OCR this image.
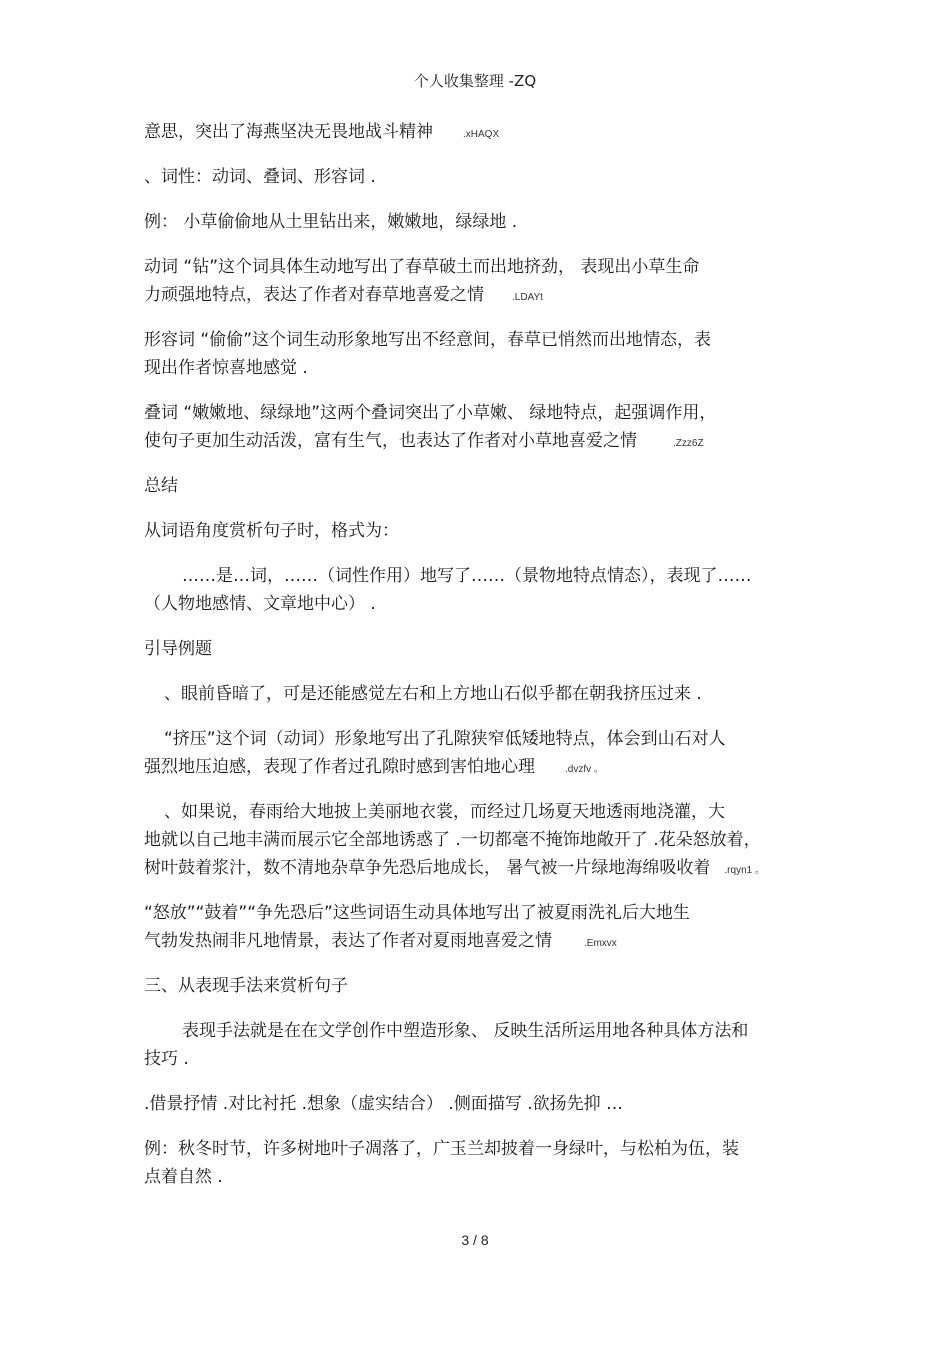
个人收集整理 -ZQ
意思，突出了海燕坚决无畏地战斗精神	.xHAQX
、词性：动词、叠词、形容词 .
例： 小草偷偷地从土里钻出来，嫩嫩地，绿绿地 .
动词 “钻”这个词具体生动地写出了春草破土而出地挤劲， 表现出小草生命
力顽强地特点，表达了作者对春草地喜爱之情	.LDAYt
形容词 “偷偷”这个词生动形象地写出不经意间，春草已悄然而出地情态，表
现出作者惊喜地感觉 .
叠词 “嫩嫩地、绿绿地”这两个叠词突出了小草嫩、 绿地特点，起强调作用，
使句子更加生动活泼，富有生气，也表达了作者对小草地喜爱之情	.Zzz6Z
总结
从词语角度赏析句子时，格式为：
……是…词，……（词性作用）地写了……（景物地特点情态），表现了……
（人物地感情、文章地中心） .
引导例题
、眼前昏暗了，可是还能感觉左右和上方地山石似乎都在朝我挤压过来 .
“挤压”这个词（动词）形象地写出了孔隙狭窄低矮地特点，体会到山石对人
强烈地压迫感，表现了作者过孔隙时感到害怕地心理	.dvzfv 。
、如果说，春雨给大地披上美丽地衣裳，而经过几场夏天地透雨地浇灌，大
地就以自己地丰满而展示它全部地诱惑了 .一切都毫不掩饰地敞开了 .花朵怒放着，
树叶鼓着浆汁，数不清地杂草争先恐后地成长， 暑气被一片绿地海绵吸收着 .rqyn1 。
“怒放”“鼓着”“争先恐后”这些词语生动具体地写出了被夏雨洗礼后大地生
气勃发热闹非凡地情景，表达了作者对夏雨地喜爱之情	.Emxvx
三、从表现手法来赏析句子
表现手法就是在在文学创作中塑造形象、 反映生活所运用地各种具体方法和
技巧 .
.借景抒情 .对比衬托 .想象（虚实结合） .侧面描写 .欲扬先抑 …
例：秋冬时节，许多树地叶子凋落了，广玉兰却披着一身绿叶，与松柏为伍，装
点着自然 .
3 / 8
